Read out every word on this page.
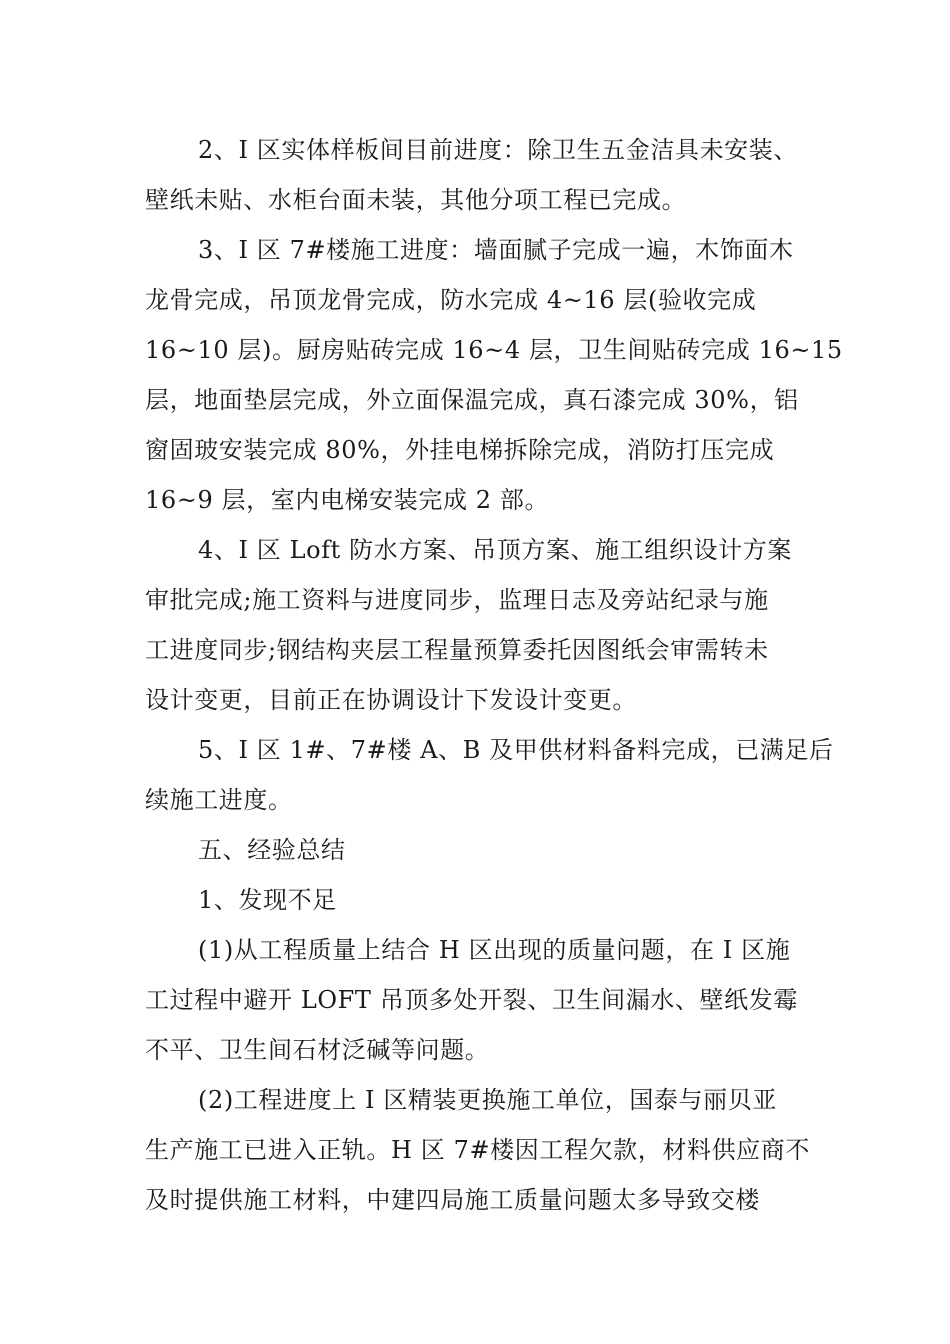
2、I 区实体样板间目前进度：除卫生五金洁具未安装、
壁纸未贴、水柜台面未装，其他分项工程已完成。
3、I 区 7#楼施工进度：墙面腻子完成一遍，木饰面木
龙骨完成，吊顶龙骨完成，防水完成 4~16 层(验收完成
16~10 层)。厨房贴砖完成 16~4 层，卫生间贴砖完成 16~15
层，地面垫层完成，外立面保温完成，真石漆完成 30%，铝
窗固玻安装完成 80%，外挂电梯拆除完成，消防打压完成
16~9 层，室内电梯安装完成 2 部。
4、I 区 Loft 防水方案、吊顶方案、施工组织设计方案
审批完成;施工资料与进度同步，监理日志及旁站纪录与施
工进度同步;钢结构夹层工程量预算委托因图纸会审需转未
设计变更，目前正在协调设计下发设计变更。
5、I 区 1#、7#楼 A、B 及甲供材料备料完成，已满足后
续施工进度。
五、经验总结
1、发现不足
(1)从工程质量上结合 H 区出现的质量问题，在 I 区施
工过程中避开 LOFT 吊顶多处开裂、卫生间漏水、壁纸发霉
不平、卫生间石材泛碱等问题。
(2)工程进度上 I 区精装更换施工单位，国泰与丽贝亚
生产施工已进入正轨。H 区 7#楼因工程欠款，材料供应商不
及时提供施工材料，中建四局施工质量问题太多导致交楼
